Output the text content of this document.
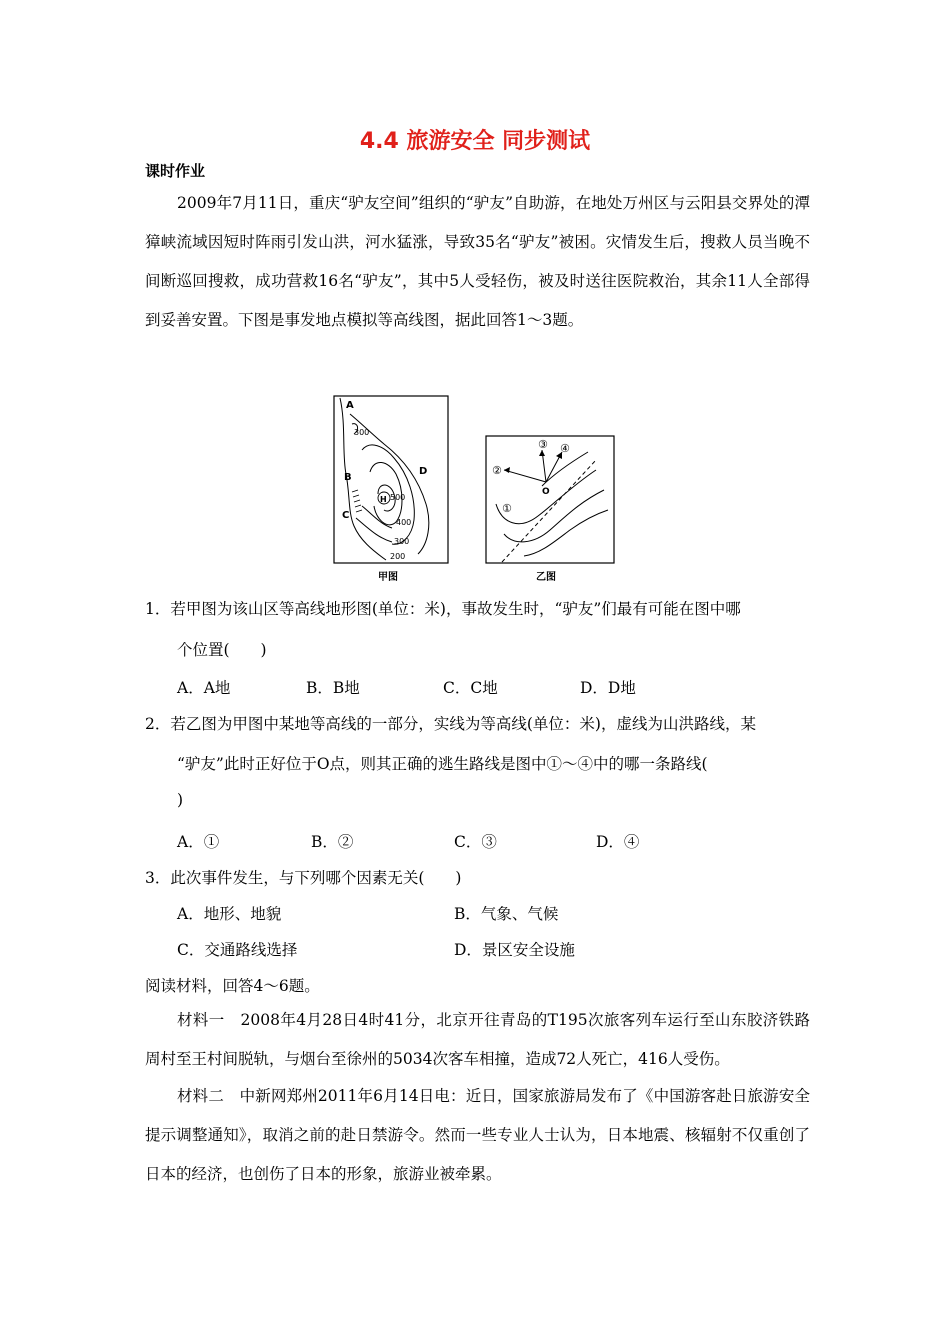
4.4 旅游安全 同步测试
课时作业
2009年7月11日，重庆“驴友空间”组织的“驴友”自助游，在地处万州区与云阳县交界处的潭獐峡流域因短时阵雨引发山洪，河水猛涨，导致35名“驴友”被困。灾情发生后，搜救人员当晚不间断巡回搜救，成功营救16名“驴友”，其中5人受轻伤，被及时送往医院救治，其余11人全部得到妥善安置。下图是事发地点模拟等高线图，据此回答1～3题。
A
300
B
D
H 500
C
400
300
200
甲图
②
③ ④
①
O
乙图
1．若甲图为该山区等高线地形图(单位：米)，事故发生时，“驴友”们最有可能在图中哪
个位置(　　)
A．A地	B．B地	C．C地	D．D地
2．若乙图为甲图中某地等高线的一部分，实线为等高线(单位：米)，虚线为山洪路线，某
“驴友”此时正好位于O点，则其正确的逃生路线是图中①～④中的哪一条路线(
)
A．①	B．②	C．③	D．④
3．此次事件发生，与下列哪个因素无关(　　)
A．地形、地貌	B．气象、气候
C．交通路线选择	D．景区安全设施
阅读材料，回答4～6题。
材料一　2008年4月28日4时41分，北京开往青岛的T195次旅客列车运行至山东胶济铁路周村至王村间脱轨，与烟台至徐州的5034次客车相撞，造成72人死亡，416人受伤。
材料二　中新网郑州2011年6月14日电：近日，国家旅游局发布了《中国游客赴日旅游安全提示调整通知》，取消之前的赴日禁游令。然而一些专业人士认为，日本地震、核辐射不仅重创了日本的经济，也创伤了日本的形象，旅游业被牵累。
